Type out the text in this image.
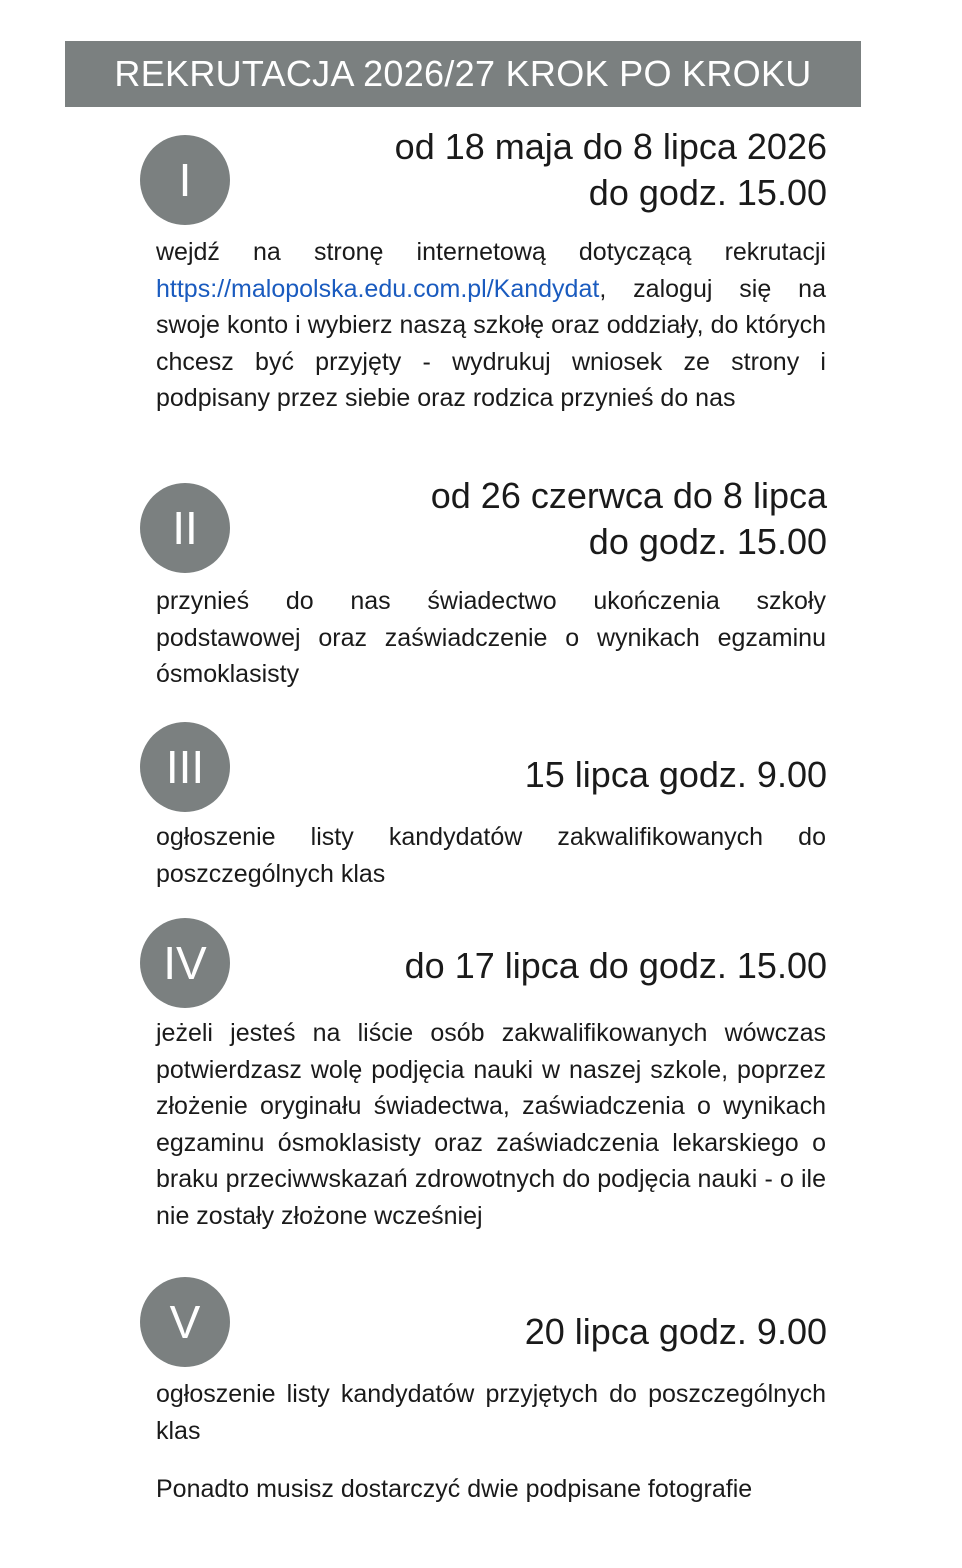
REKRUTACJA 2026/27 KROK PO KROKU
I
od 18 maja do 8 lipca 2026
do godz. 15.00
wejdź na stronę internetową dotyczącą rekrutacji https://malopolska.edu.com.pl/Kandydat, zaloguj się na swoje konto i wybierz naszą szkołę oraz oddziały, do których chcesz być przyjęty - wydrukuj wniosek ze strony i podpisany przez siebie oraz rodzica przynieś do nas
II
od 26 czerwca do 8 lipca
do godz. 15.00
przynieś do nas świadectwo ukończenia szkoły podstawowej oraz zaświadczenie o wynikach egzaminu ósmoklasisty
III	15 lipca godz. 9.00
ogłoszenie listy kandydatów zakwalifikowanych do poszczególnych klas
IV	do 17 lipca do godz. 15.00
jeżeli jesteś na liście osób zakwalifikowanych wówczas potwierdzasz wolę podjęcia nauki w naszej szkole, poprzez złożenie oryginału świadectwa, zaświadczenia o wynikach egzaminu ósmoklasisty oraz zaświadczenia lekarskiego o braku przeciwwskazań zdrowotnych do podjęcia nauki - o ile nie zostały złożone wcześniej
V	20 lipca godz. 9.00
ogłoszenie listy kandydatów przyjętych do poszczególnych klas
Ponadto musisz dostarczyć dwie podpisane fotografie
